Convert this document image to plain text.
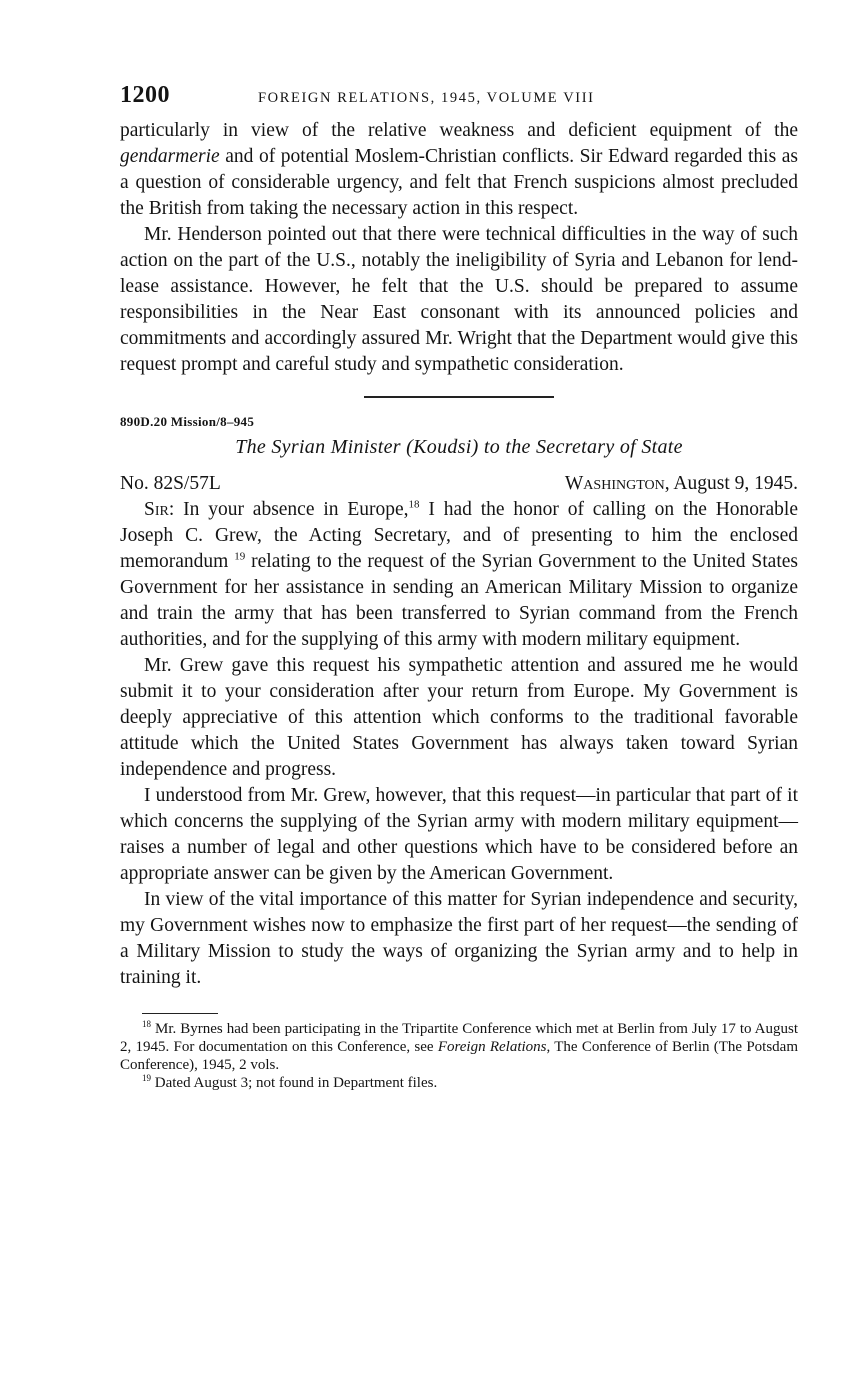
1200	FOREIGN RELATIONS, 1945, VOLUME VIII

particularly in view of the relative weakness and deficient equipment of the gendarmerie and of potential Moslem-Christian conflicts. Sir Edward regarded this as a question of considerable urgency, and felt that French suspicions almost precluded the British from taking the necessary action in this respect.

Mr. Henderson pointed out that there were technical difficulties in the way of such action on the part of the U.S., notably the ineligibility of Syria and Lebanon for lend-lease assistance. However, he felt that the U.S. should be prepared to assume responsibilities in the Near East consonant with its announced policies and commitments and accordingly assured Mr. Wright that the Department would give this request prompt and careful study and sympathetic consideration.

890D.20 Mission/8–945
The Syrian Minister (Koudsi) to the Secretary of State
No. 82S/57L	Washington, August 9, 1945.

Sir: In your absence in Europe,$^{18}$ I had the honor of calling on the Honorable Joseph C. Grew, the Acting Secretary, and of presenting to him the enclosed memorandum $^{19}$ relating to the request of the Syrian Government to the United States Government for her assistance in sending an American Military Mission to organize and train the army that has been transferred to Syrian command from the French authorities, and for the supplying of this army with modern military equipment.

Mr. Grew gave this request his sympathetic attention and assured me he would submit it to your consideration after your return from Europe. My Government is deeply appreciative of this attention which conforms to the traditional favorable attitude which the United States Government has always taken toward Syrian independence and progress.

I understood from Mr. Grew, however, that this request—in particular that part of it which concerns the supplying of the Syrian army with modern military equipment—raises a number of legal and other questions which have to be considered before an appropriate answer can be given by the American Government.

In view of the vital importance of this matter for Syrian independence and security, my Government wishes now to emphasize the first part of her request—the sending of a Military Mission to study the ways of organizing the Syrian army and to help in training it.

$^{18}$ Mr. Byrnes had been participating in the Tripartite Conference which met at Berlin from July 17 to August 2, 1945. For documentation on this Conference, see Foreign Relations, The Conference of Berlin (The Potsdam Conference), 1945, 2 vols.
$^{19}$ Dated August 3; not found in Department files.
